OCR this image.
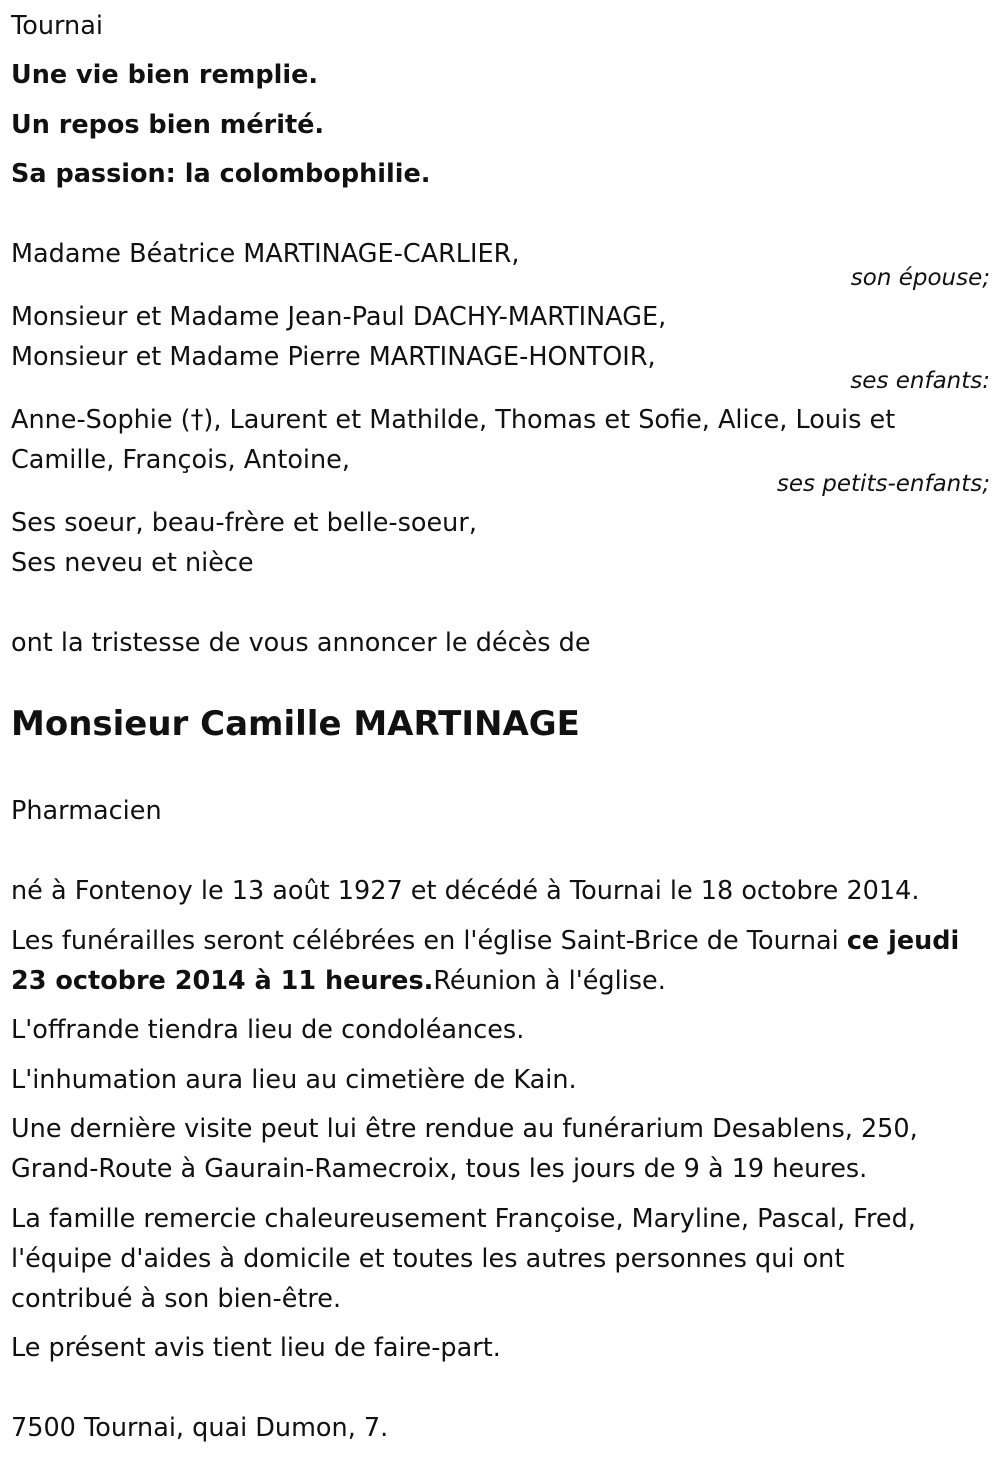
Tournai

Une vie bien remplie.

Un repos bien mérité.

Sa passion: la colombophilie.

Madame Béatrice MARTINAGE-CARLIER,

son épouse;

Monsieur et Madame Jean-Paul DACHY-MARTINAGE,

Monsieur et Madame Pierre MARTINAGE-HONTOIR,

ses enfants:

Anne-Sophie (†), Laurent et Mathilde, Thomas et Sofie, Alice, Louis et

Camille, François, Antoine,

ses petits-enfants;

Ses soeur, beau-frère et belle-soeur,

Ses neveu et nièce

ont la tristesse de vous annoncer le décès de

Monsieur Camille MARTINAGE

Pharmacien

né à Fontenoy le 13 août 1927 et décédé à Tournai le 18 octobre 2014.

Les funérailles seront célébrées en l'église Saint-Brice de Tournai ce jeudi

23 octobre 2014 à 11 heures.Réunion à l'église.

L'offrande tiendra lieu de condoléances.

L'inhumation aura lieu au cimetière de Kain.

Une dernière visite peut lui être rendue au funérarium Desablens, 250,

Grand-Route à Gaurain-Ramecroix, tous les jours de 9 à 19 heures.

La famille remercie chaleureusement Françoise, Maryline, Pascal, Fred,

l'équipe d'aides à domicile et toutes les autres personnes qui ont

contribué à son bien-être.

Le présent avis tient lieu de faire-part.

7500 Tournai, quai Dumon, 7.
